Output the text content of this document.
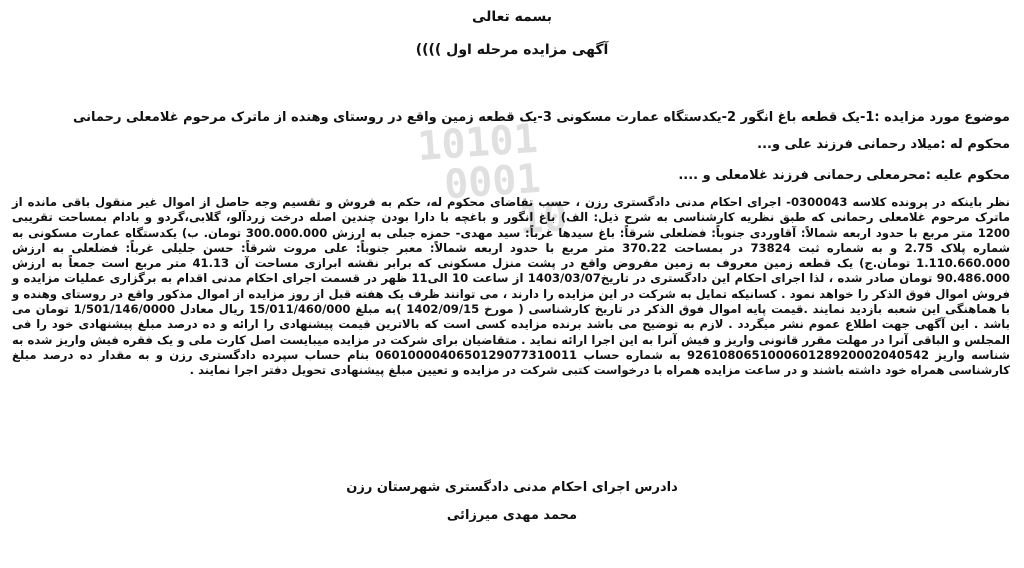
10101
0001
10
بسمه تعالی
آگهی مزایده مرحله اول ))))
موضوع مورد مزایده :1-یک قطعه باغ انگور 2-یکدستگاه عمارت مسکونی 3-یک قطعه زمین واقع در روستای وهنده از ماترک مرحوم غلامعلی رحمانی
محکوم له :میلاد رحمانی فرزند علی و...
محکوم علیه :محرمعلی رحمانی فرزند غلامعلی و ....
نظر باینکه در پرونده کلاسه 0300043- اجرای احکام مدنی دادگستری رزن ، حسب تقاضای محکوم له، حکم به فروش و تقسیم وجه حاصل از اموال غیر منقول باقی مانده از ماترک مرحوم غلامعلی رحمانی که طبق نظریه کارشناسی به شرح ذیل: الف) باغ انگور و باغچه با دارا بودن چندین اصله درخت زردآلو، گلابی،گردو و بادام بمساحت تقریبی 1200 متر مربع با حدود اربعه شمالاً: آقاوردی جنوباً: فضلعلی شرقاً: باغ سیدها غرباً: سید مهدی- حمزه جبلی به ارزش 300.000.000 تومان. ب) یکدستگاه عمارت مسکونی به شماره پلاک 2.75 و به شماره ثبت 73824 در بمساحت 370.22 متر مربع با حدود اربعه شمالاً: معبر جنوباً: علی مروت شرقاً: حسن جلیلی غرباً: فضلعلی به ارزش 1.110.660.000 تومان.ج) یک قطعه زمین معروف به زمین مفروض واقع در پشت منزل مسکونی که برابر نقشه ابرازی مساحت آن 41.13 متر مربع است جمعاً به ارزش 90.486.000 تومان صادر شده ، لذا اجرای احکام این دادگستری در تاریخ1403/03/07 از ساعت 10 الی11 ظهر در قسمت اجرای احکام مدنی اقدام به برگزاری عملیات مزایده و فروش اموال فوق الذکر را خواهد نمود . کسانیکه تمایل به شرکت در این مزایده را دارند ، می توانند ظرف یک هفته قبل از روز مزایده از اموال مذکور واقع در روستای وهنده و با هماهنگی این شعبه بازدید نمایند .قیمت پایه اموال فوق الذکر در تاریخ کارشناسی ( مورخ 1402/09/15 )به مبلغ 15/011/460/000 ریال معادل 1/501/146/0000 تومان می باشد . این آگهی جهت اطلاع عموم نشر میگردد . لازم به توضیح می باشد برنده مزایده کسی است که بالاترین قیمت پیشنهادی را ارائه و ده درصد مبلغ پیشنهادی خود را فی المجلس و الباقی آنرا در مهلت مقرر قانونی واریز و فیش آنرا به این اجرا ارائه نماید . متقاضیان برای شرکت در مزایده میبایست اصل کارت ملی و یک فقره فیش واریز شده به شناسه واریز 926108065100060128920002040542 به شماره حساب 0601000040650129077310011 بنام حساب سپرده دادگستری رزن و به مقدار ده درصد مبلغ کارشناسی همراه خود داشته باشند و در ساعت مزایده همراه با درخواست کتبی شرکت در مزایده و تعیین مبلغ پیشنهادی تحویل دفتر اجرا نمایند .
دادرس اجرای احکام مدنی دادگستری شهرستان رزن
محمد مهدی میرزائی
